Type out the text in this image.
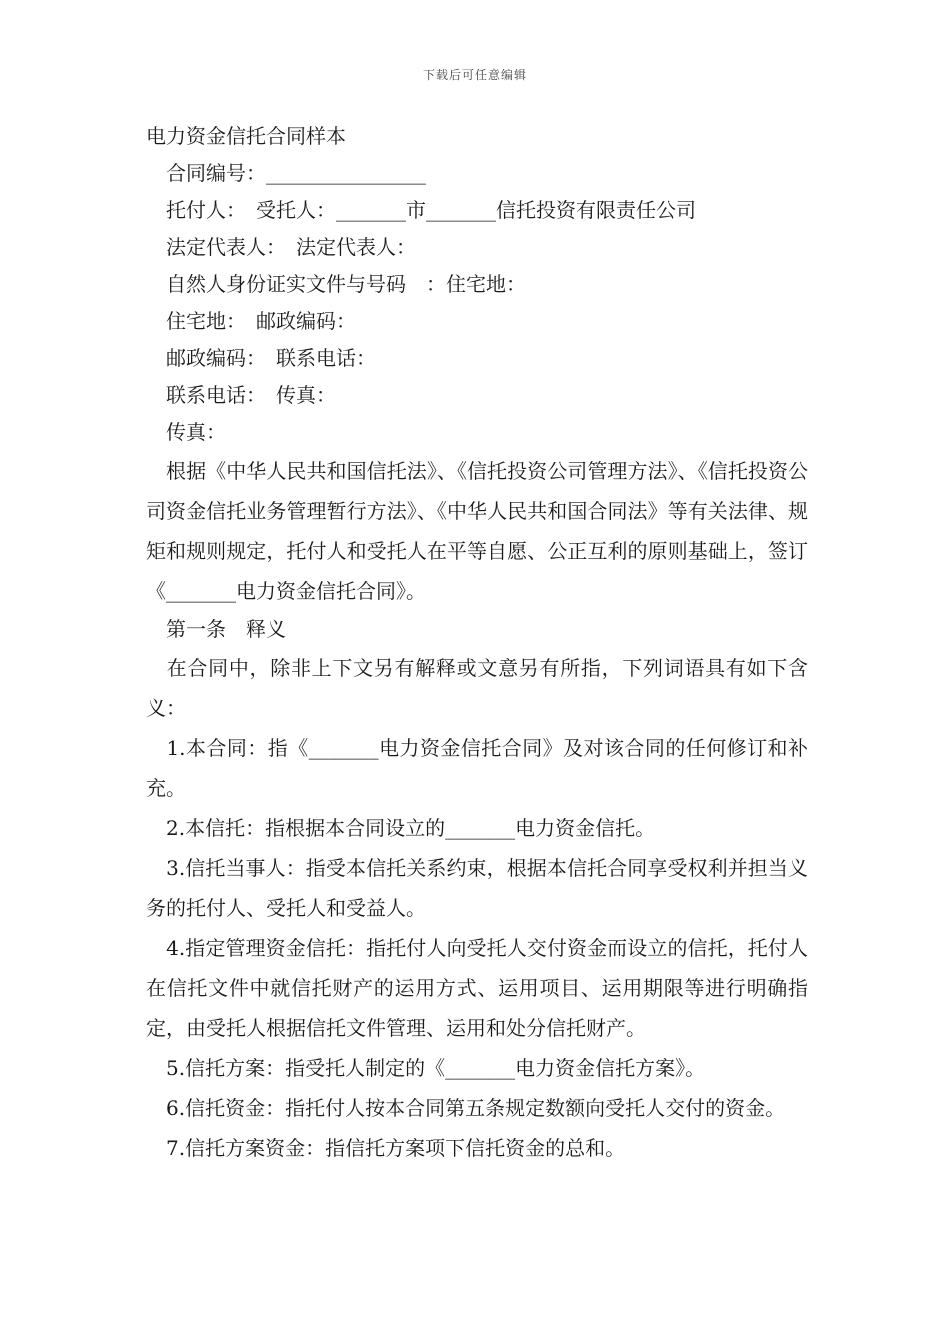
下载后可任意编辑

电力资金信托合同样本

　合同编号：________________

　托付人：　受托人：_______市_______信托投资有限责任公司

　法定代表人：　法定代表人：

　自然人身份证实文件与号码　：住宅地：

　住宅地：　邮政编码：

　邮政编码：　联系电话：

　联系电话：　传真：

　传真：

　根据《中华人民共和国信托法》、《信托投资公司管理方法》、《信托投资公司资金信托业务管理暂行方法》、《中华人民共和国合同法》等有关法律、规矩和规则规定，托付人和受托人在平等自愿、公正互利的原则基础上，签订《_______电力资金信托合同》。

　第一条　释义

　在合同中，除非上下文另有解释或文意另有所指，下列词语具有如下含义：

　1.本合同：指《_______电力资金信托合同》及对该合同的任何修订和补充。

　2.本信托：指根据本合同设立的_______电力资金信托。

　3.信托当事人：指受本信托关系约束，根据本信托合同享受权利并担当义务的托付人、受托人和受益人。

　4.指定管理资金信托：指托付人向受托人交付资金而设立的信托，托付人在信托文件中就信托财产的运用方式、运用项目、运用期限等进行明确指定，由受托人根据信托文件管理、运用和处分信托财产。

　5.信托方案：指受托人制定的《_______电力资金信托方案》。

　6.信托资金：指托付人按本合同第五条规定数额向受托人交付的资金。

　7.信托方案资金：指信托方案项下信托资金的总和。
